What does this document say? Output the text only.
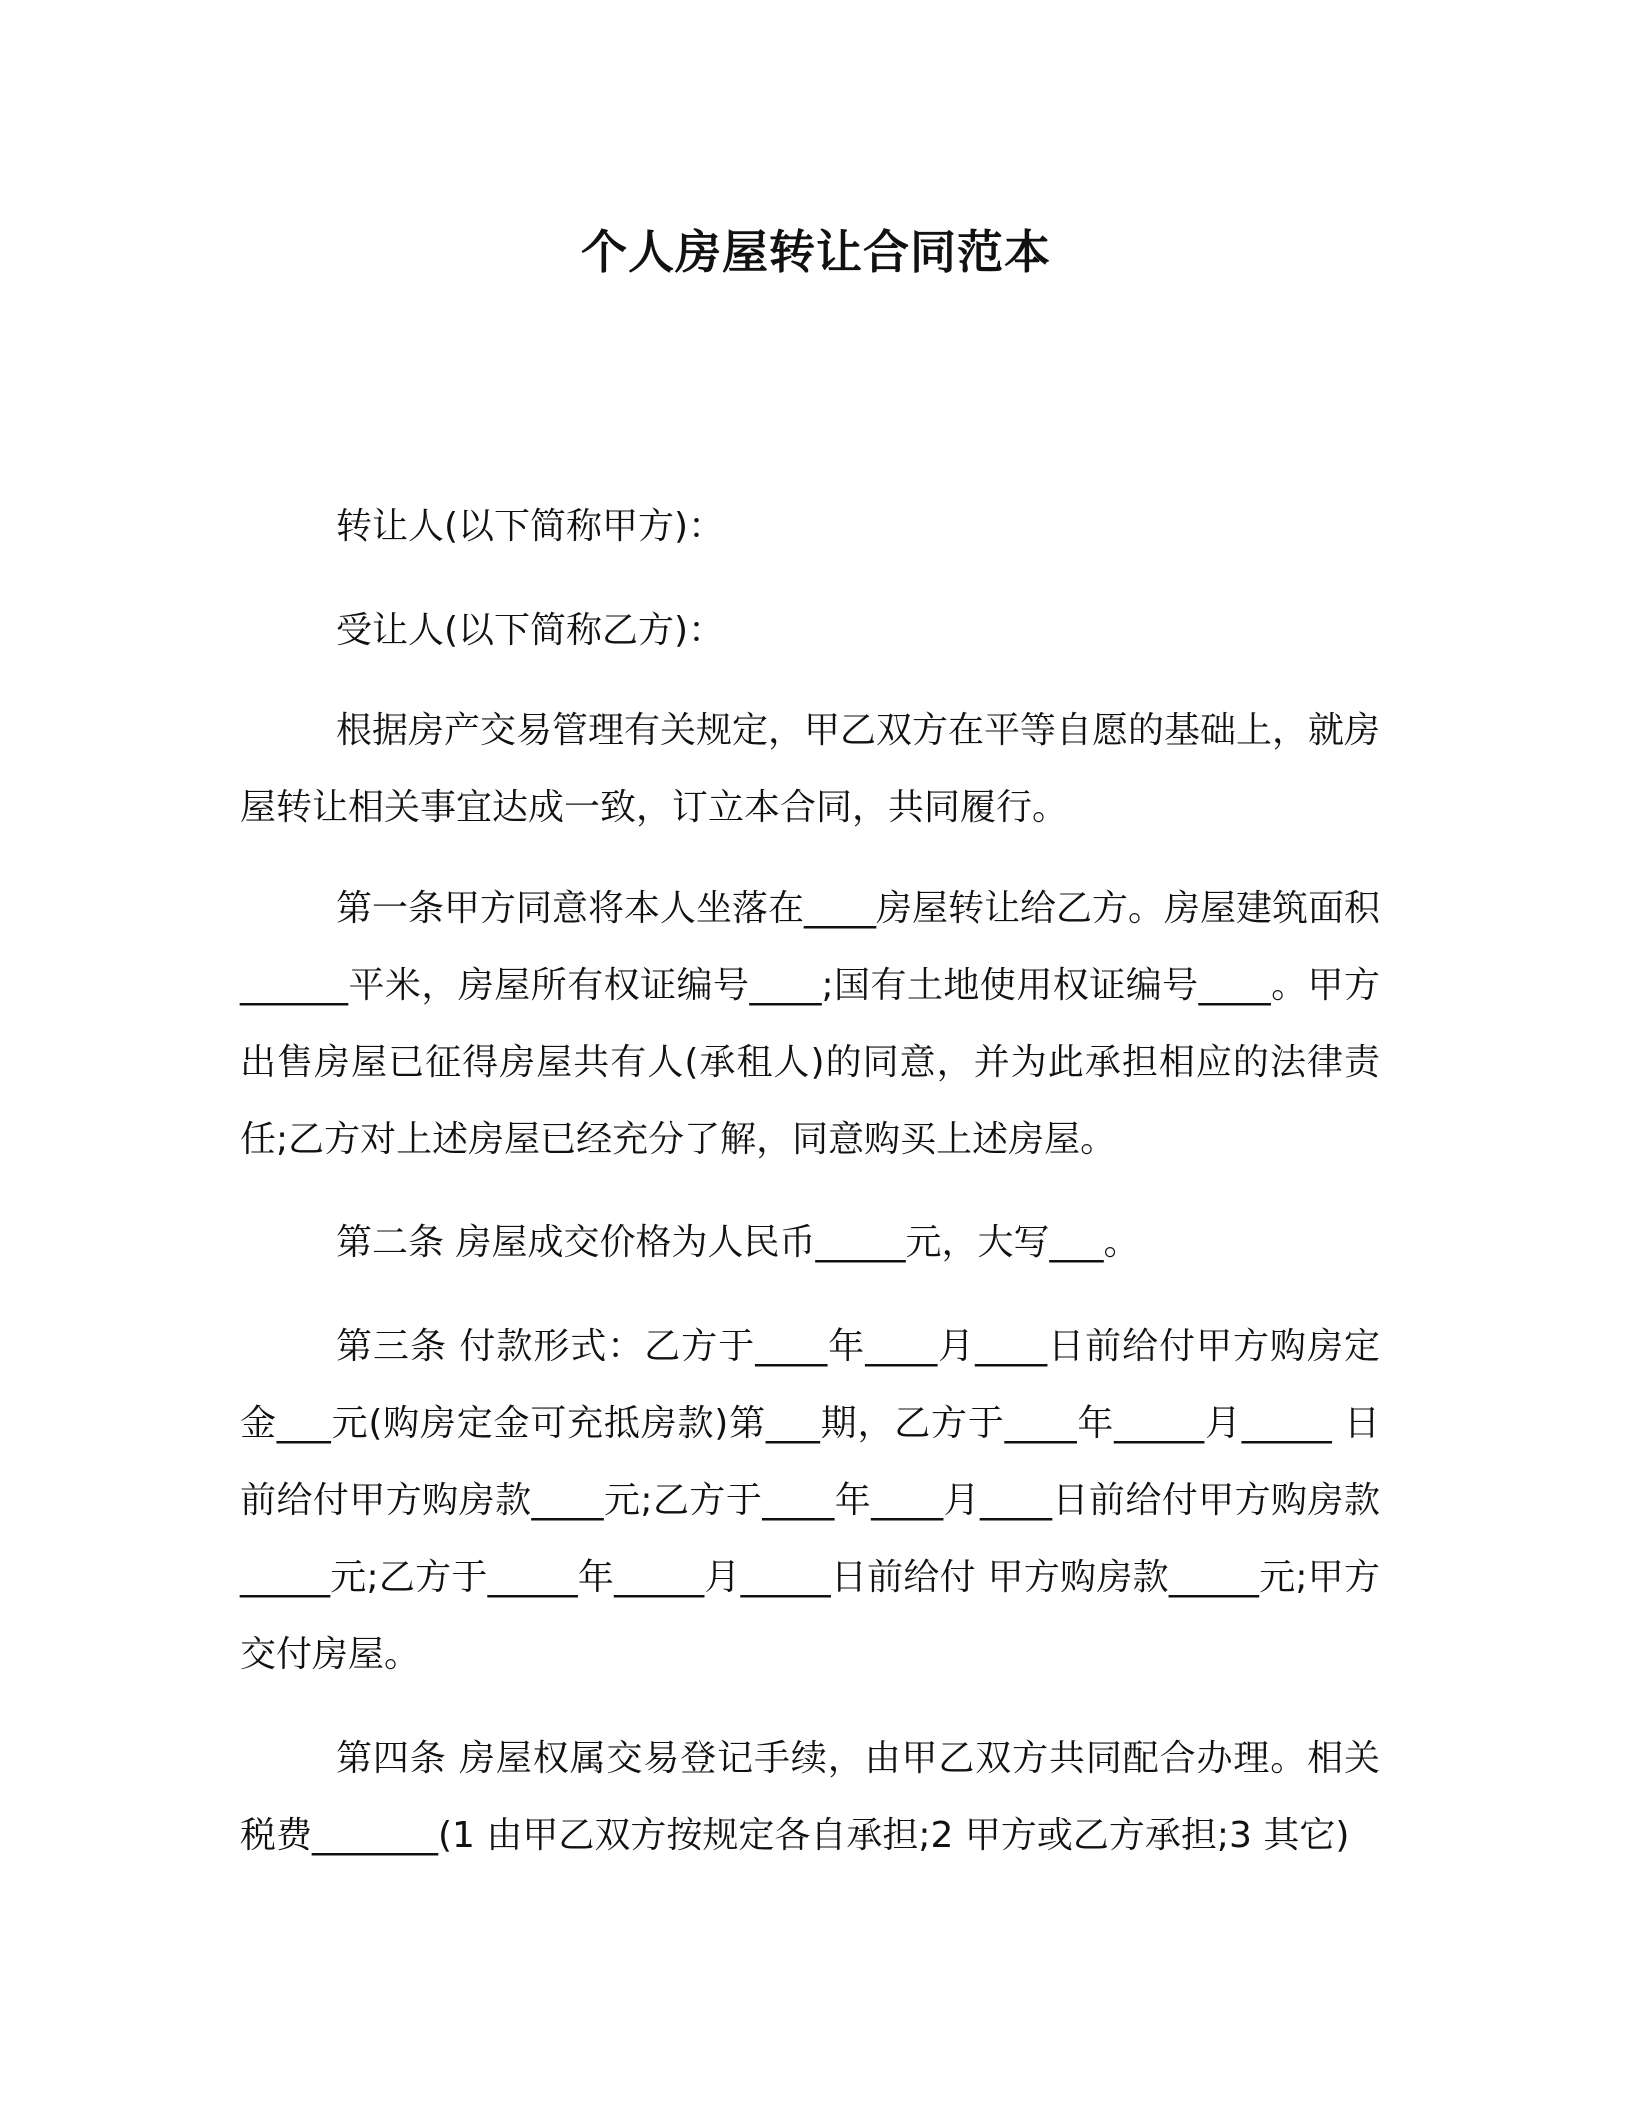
个人房屋转让合同范本

转让人(以下简称甲方)：

受让人(以下简称乙方)：

根据房产交易管理有关规定，甲乙双方在平等自愿的基础上，就房屋转让相关事宜达成一致，订立本合同，共同履行。

第一条甲方同意将本人坐落在____房屋转让给乙方。房屋建筑面积______平米，房屋所有权证编号____;国有土地使用权证编号____。甲方出售房屋已征得房屋共有人(承租人)的同意，并为此承担相应的法律责任;乙方对上述房屋已经充分了解，同意购买上述房屋。

第二条 房屋成交价格为人民币_____元，大写___。

第三条 付款形式：乙方于____年____月____日前给付甲方购房定金___元(购房定金可充抵房款)第___期，乙方于____年_____月_____ 日前给付甲方购房款____元;乙方于____年____月____日前给付甲方购房款_____元;乙方于_____年_____月_____日前给付 甲方购房款_____元;甲方交付房屋。

第四条 房屋权属交易登记手续，由甲乙双方共同配合办理。相关税费_______(1 由甲乙双方按规定各自承担;2 甲方或乙方承担;3 其它)
